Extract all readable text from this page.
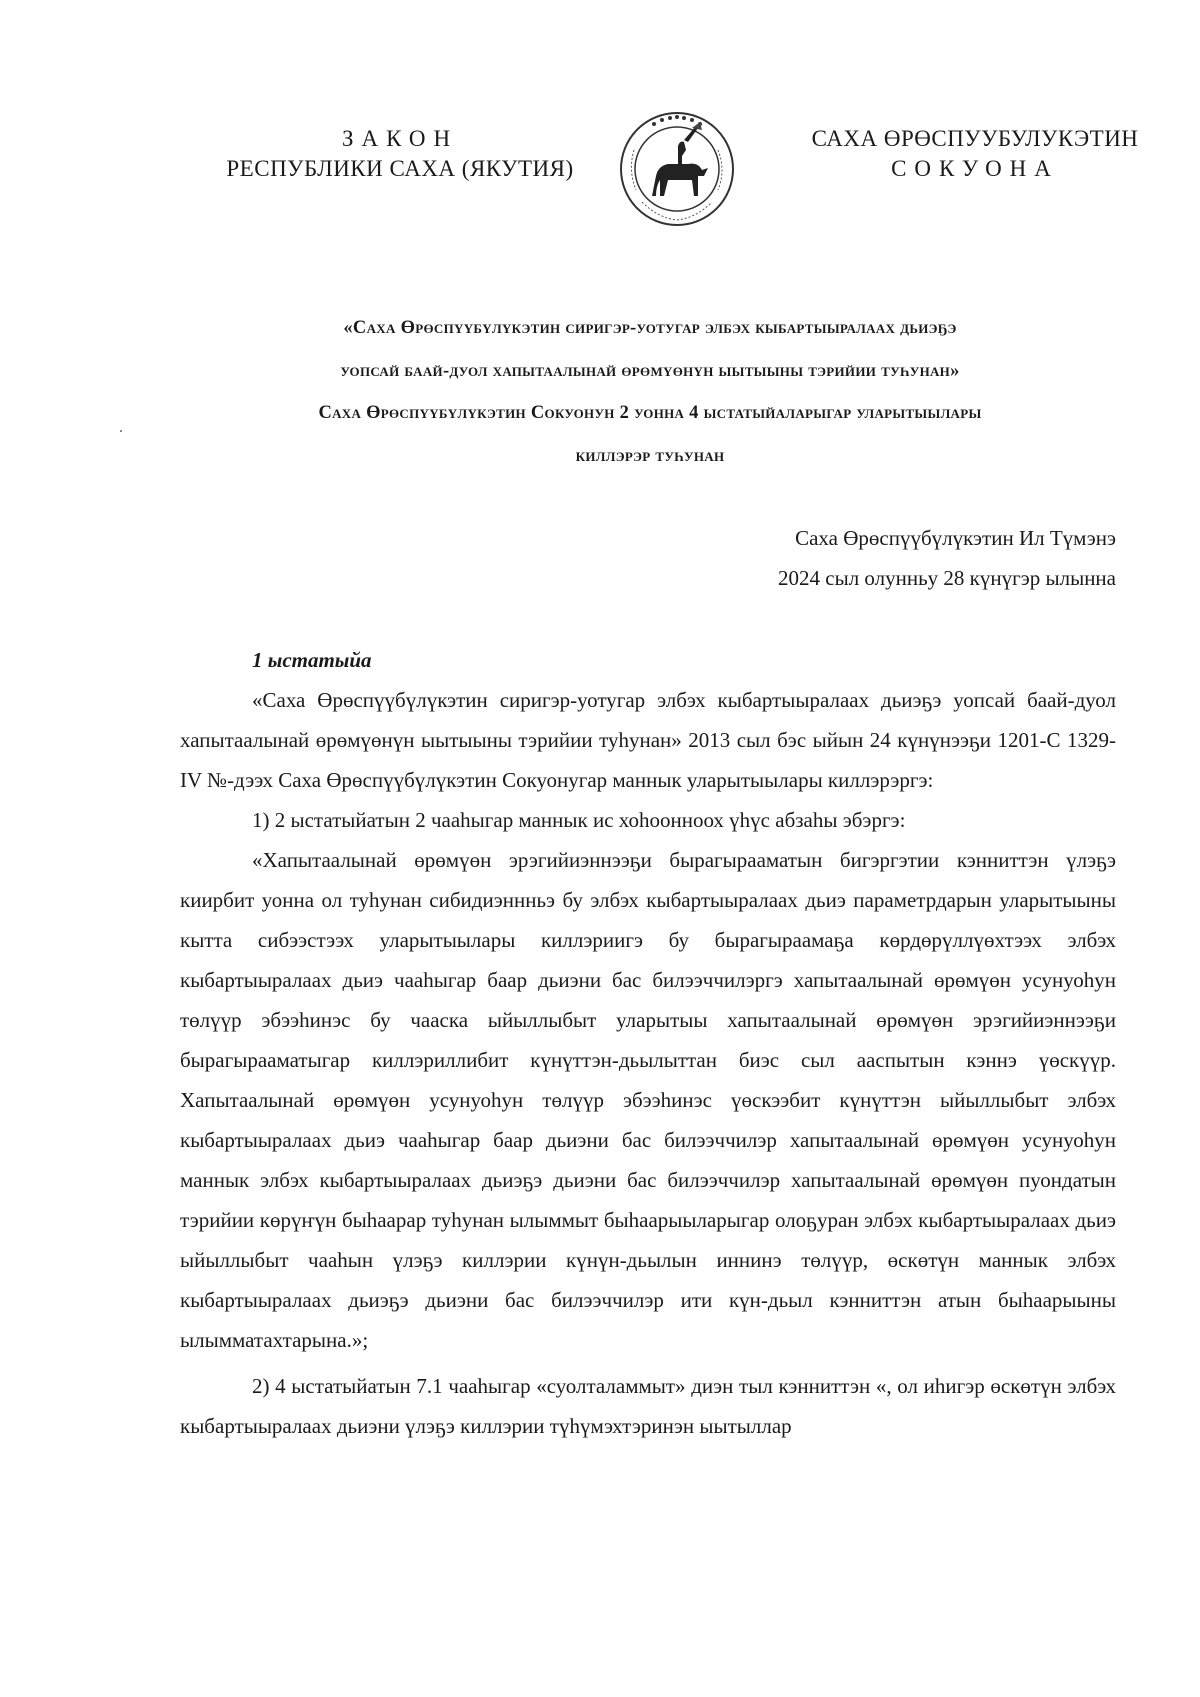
ЗАКОН
РЕСПУБЛИКИ САХА (ЯКУТИЯ)
САХА ӨРӨСПУУБУЛУКЭТИН
СОКУОНА
«Саха Өрөспүүбүлүкэтин сиригэр-уотугар элбэх кыбартыыралаах дьиэҕэ
уопсай баай-дуол хапытаалынай өрөмүөнүн ыытыыны тэрийии туһунан»
Саха Өрөспүүбүлүкэтин Сокуонун 2 уонна 4 ыстатыйаларыгар уларытыылары
киллэрэр туһунан
Саха Өрөспүүбүлүкэтин Ил Түмэнэ
2024 сыл олунньу 28 күнүгэр ылынна
1 ыстатыйа

«Саха Өрөспүүбүлүкэтин сиригэр-уотугар элбэх кыбартыыралаах дьиэҕэ уопсай баай-дуол хапытаалынай өрөмүөнүн ыытыыны тэрийии туһунан» 2013 сыл бэс ыйын 24 күнүнээҕи 1201-С 1329-IV №-дээх Саха Өрөспүүбүлүкэтин Сокуонугар маннык уларытыылары киллэрэргэ:

1) 2 ыстатыйатын 2 чааһыгар маннык ис хоһоонноох үһүс абзаһы эбэргэ:

«Хапытаалынай өрөмүөн эрэгийиэннээҕи бырагырааматын бигэргэтии кэнниттэн үлэҕэ киирбит уонна ол туһунан сибидиэннньэ бу элбэх кыбартыыралаах дьиэ параметрдарын уларытыыны кытта сибээстээх уларытыылары киллэриигэ бу бырагыраамаҕа көрдөрүллүөхтээх элбэх кыбартыыралаах дьиэ чааһыгар баар дьиэни бас билээччилэргэ хапытаалынай өрөмүөн усунуоһун төлүүр эбээһинэс бу чааска ыйыллыбыт уларытыы хапытаалынай өрөмүөн эрэгийиэннээҕи бырагырааматыгар киллэриллибит күнүттэн-дьылыттан биэс сыл ааспытын кэннэ үөскүүр. Хапытаалынай өрөмүөн усунуоһун төлүүр эбээһинэс үөскээбит күнүттэн ыйыллыбыт элбэх кыбартыыралаах дьиэ чааһыгар баар дьиэни бас билээччилэр хапытаалынай өрөмүөн усунуоһун маннык элбэх кыбартыыралаах дьиэҕэ дьиэни бас билээччилэр хапытаалынай өрөмүөн пуондатын тэрийии көрүҥүн быһаарар туһунан ылыммыт быһаарыыларыгар олоҕуран элбэх кыбартыыралаах дьиэ ыйыллыбыт чааһын үлэҕэ киллэрии күнүн-дьылын иннинэ төлүүр, өскөтүн маннык элбэх кыбартыыралаах дьиэҕэ дьиэни бас билээччилэр ити күн-дьыл кэнниттэн атын быһаарыыны ылымматахтарына.»;

2) 4 ыстатыйатын 7.1 чааһыгар «суолталаммыт» диэн тыл кэнниттэн «, ол иһигэр өскөтүн элбэх кыбартыыралаах дьиэни үлэҕэ киллэрии түһүмэхтэринэн ыытыллар
